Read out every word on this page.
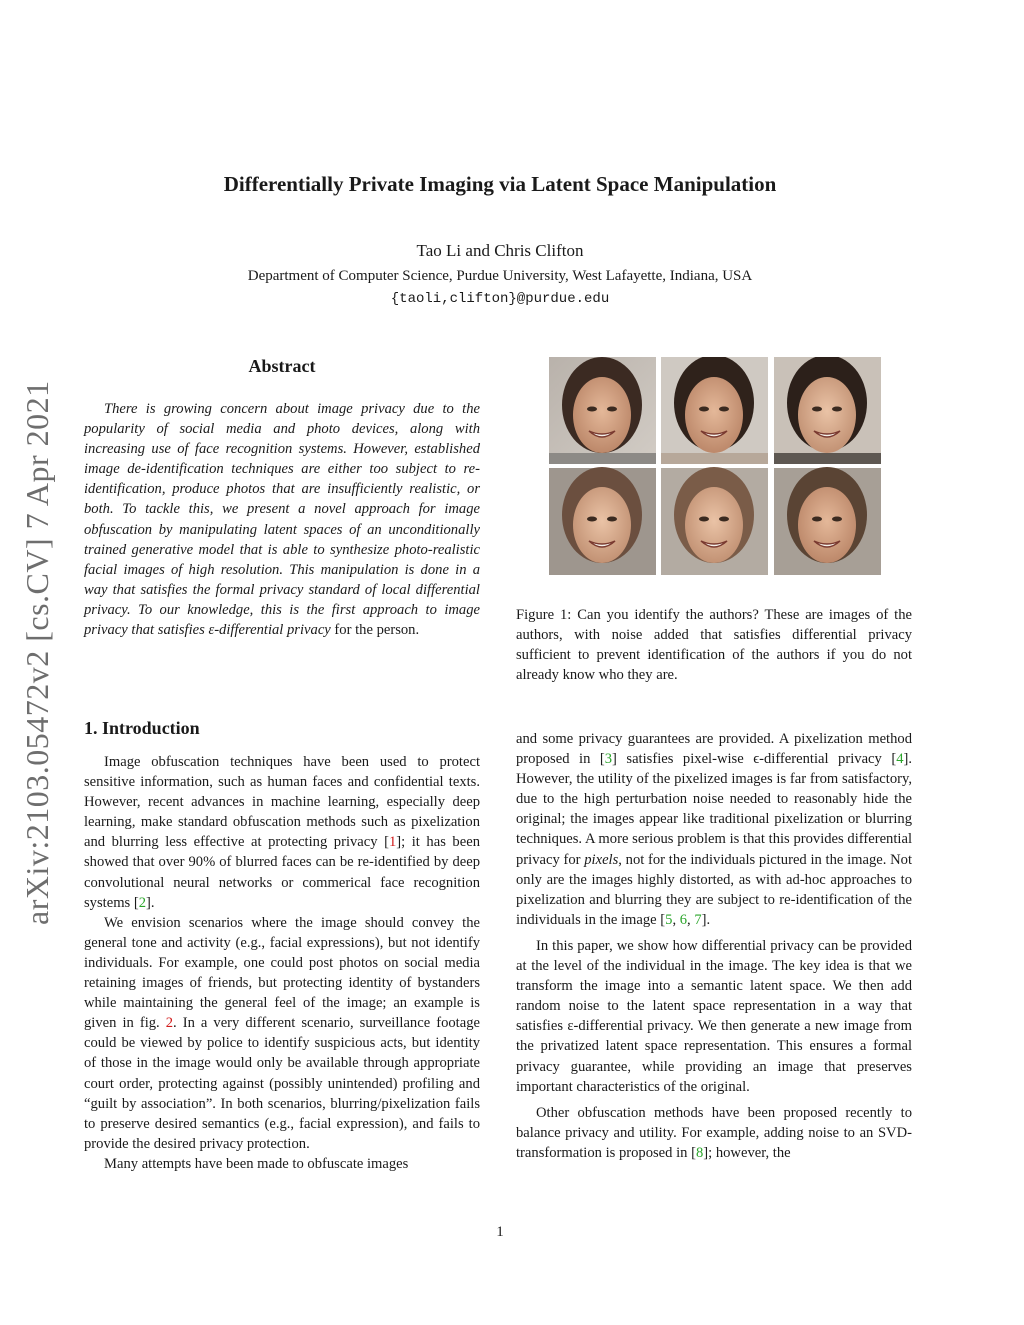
arXiv:2103.05472v2 [cs.CV] 7 Apr 2021
Differentially Private Imaging via Latent Space Manipulation
Tao Li and Chris Clifton
Department of Computer Science, Purdue University, West Lafayette, Indiana, USA
{taoli,clifton}@purdue.edu
Abstract

There is growing concern about image privacy due to the popularity of social media and photo devices, along with increasing use of face recognition systems. However, established image de-identification techniques are either too subject to re-identification, produce photos that are insufficiently realistic, or both. To tackle this, we present a novel approach for image obfuscation by manipulating latent spaces of an unconditionally trained generative model that is able to synthesize photo-realistic facial images of high resolution. This manipulation is done in a way that satisfies the formal privacy standard of local differential privacy. To our knowledge, this is the first approach to image privacy that satisfies ε-differential privacy for the person.

Figure 1: Can you identify the authors? These are images of the authors, with noise added that satisfies differential privacy sufficient to prevent identification of the authors if you do not already know who they are.
1. Introduction

Image obfuscation techniques have been used to protect sensitive information, such as human faces and confidential texts. However, recent advances in machine learning, especially deep learning, make standard obfuscation methods such as pixelization and blurring less effective at protecting privacy [1]; it has been showed that over 90% of blurred faces can be re-identified by deep convolutional neural networks or commerical face recognition systems [2].

We envision scenarios where the image should convey the general tone and activity (e.g., facial expressions), but not identify individuals. For example, one could post photos on social media retaining images of friends, but protecting identity of bystanders while maintaining the general feel of the image; an example is given in fig. 2. In a very different scenario, surveillance footage could be viewed by police to identify suspicious acts, but identity of those in the image would only be available through appropriate court order, protecting against (possibly unintended) profiling and “guilt by association”. In both scenarios, blurring/pixelization fails to preserve desired semantics (e.g., facial expression), and fails to provide the desired privacy protection.

Many attempts have been made to obfuscate images

and some privacy guarantees are provided. A pixelization method proposed in [3] satisfies pixel-wise ϵ-differential privacy [4]. However, the utility of the pixelized images is far from satisfactory, due to the high perturbation noise needed to reasonably hide the original; the images appear like traditional pixelization or blurring techniques. A more serious problem is that this provides differential privacy for pixels, not for the individuals pictured in the image. Not only are the images highly distorted, as with ad-hoc approaches to pixelization and blurring they are subject to re-identification of the individuals in the image [5, 6, 7].

In this paper, we show how differential privacy can be provided at the level of the individual in the image. The key idea is that we transform the image into a semantic latent space. We then add random noise to the latent space representation in a way that satisfies ε-differential privacy. We then generate a new image from the privatized latent space representation. This ensures a formal privacy guarantee, while providing an image that preserves important characteristics of the original.

Other obfuscation methods have been proposed recently to balance privacy and utility. For example, adding noise to an SVD-transformation is proposed in [8]; however, the

1
